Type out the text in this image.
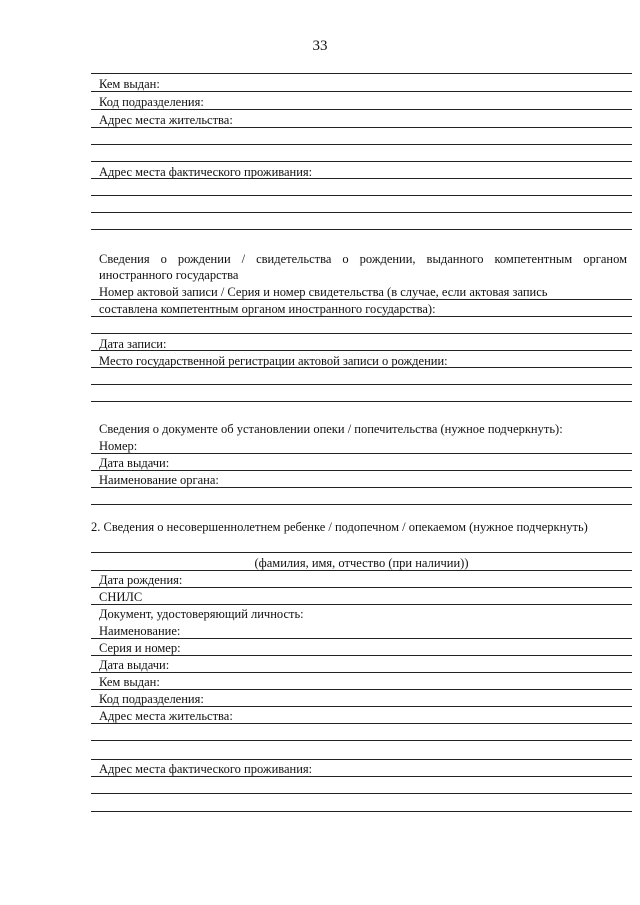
33
Кем выдан:
Код подразделения:
Адрес места жительства:
Адрес места фактического проживания:
Сведения о рождении / свидетельства о рождении, выданного компетентным органом
иностранного государства
Номер актовой записи / Серия и номер свидетельства (в случае, если актовая запись
составлена компетентным органом иностранного государства):
Дата записи:
Место государственной регистрации актовой записи о рождении:
Сведения о документе об установлении опеки / попечительства (нужное подчеркнуть):
Номер:
Дата выдачи:
Наименование органа:
2. Сведения о несовершеннолетнем ребенке / подопечном / опекаемом (нужное подчеркнуть)
(фамилия, имя, отчество (при наличии))
Дата рождения:
СНИЛС
Документ, удостоверяющий личность:
Наименование:
Серия и номер:
Дата выдачи:
Кем выдан:
Код подразделения:
Адрес места жительства:
Адрес места фактического проживания:
